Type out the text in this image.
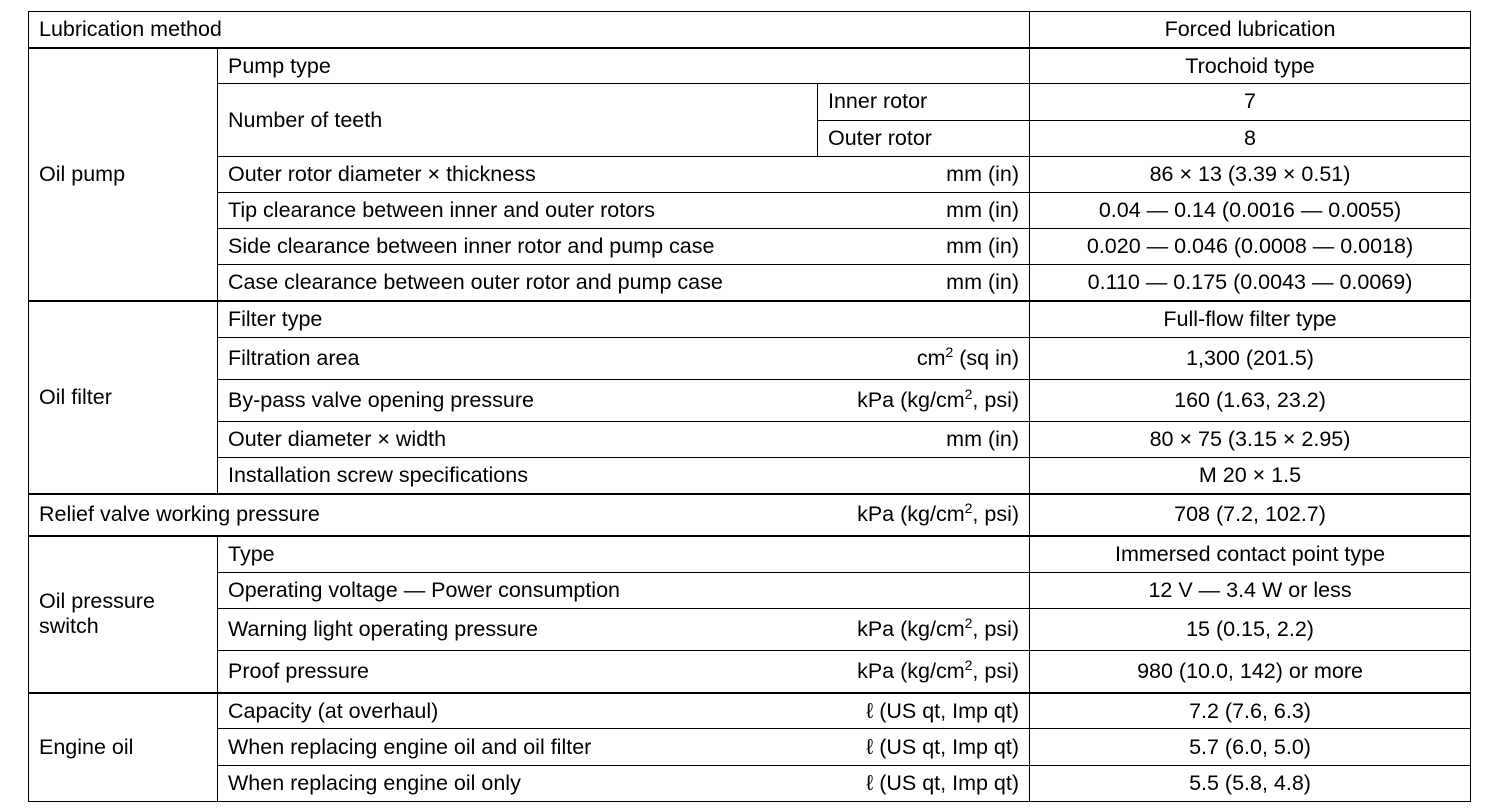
Lubrication method			Forced lubrication
Oil pump	Pump type		Trochoid type
	Number of teeth	Inner rotor	7
		Outer rotor	8

	Outer rotor diameter × thickness mm (in)		86 × 13 (3.39 × 0.51)

	Tip clearance between inner and outer rotors mm (in)		0.04 — 0.14 (0.0016 — 0.0055)

	Side clearance between inner rotor and pump case mm (in)		0.020 — 0.046 (0.0008 — 0.0018)

	Case clearance between outer rotor and pump case mm (in)		0.110 — 0.175 (0.0043 — 0.0069)
Oil filter	Filter type		Full-flow filter type

	Filtration area $cm^2$ (sq in)		1,300 (201.5)

	By-pass valve opening pressure kPa ($kg/cm^2$, psi)		160 (1.63, 23.2)

	Outer diameter × width mm (in)		80 × 75 (3.15 × 2.95)
	Installation screw specifications		M 20 × 1.5

Relief valve working pressure kPa ($kg/cm^2$, psi)			708 (7.2, 102.7)

Oil pressure
switch	Type		Immersed contact point type
	Operating voltage — Power consumption		12 V — 3.4 W or less

	Warning light operating pressure kPa ($kg/cm^2$, psi)		15 (0.15, 2.2)

	Proof pressure kPa ($kg/cm^2$, psi)		980 (10.0, 142) or more
Engine oil	Capacity (at overhaul) ℓ (US qt, Imp qt)		7.2 (7.6, 6.3)

	When replacing engine oil and oil filter ℓ (US qt, Imp qt)		5.7 (6.0, 5.0)

	When replacing engine oil only ℓ (US qt, Imp qt)		5.5 (5.8, 4.8)
